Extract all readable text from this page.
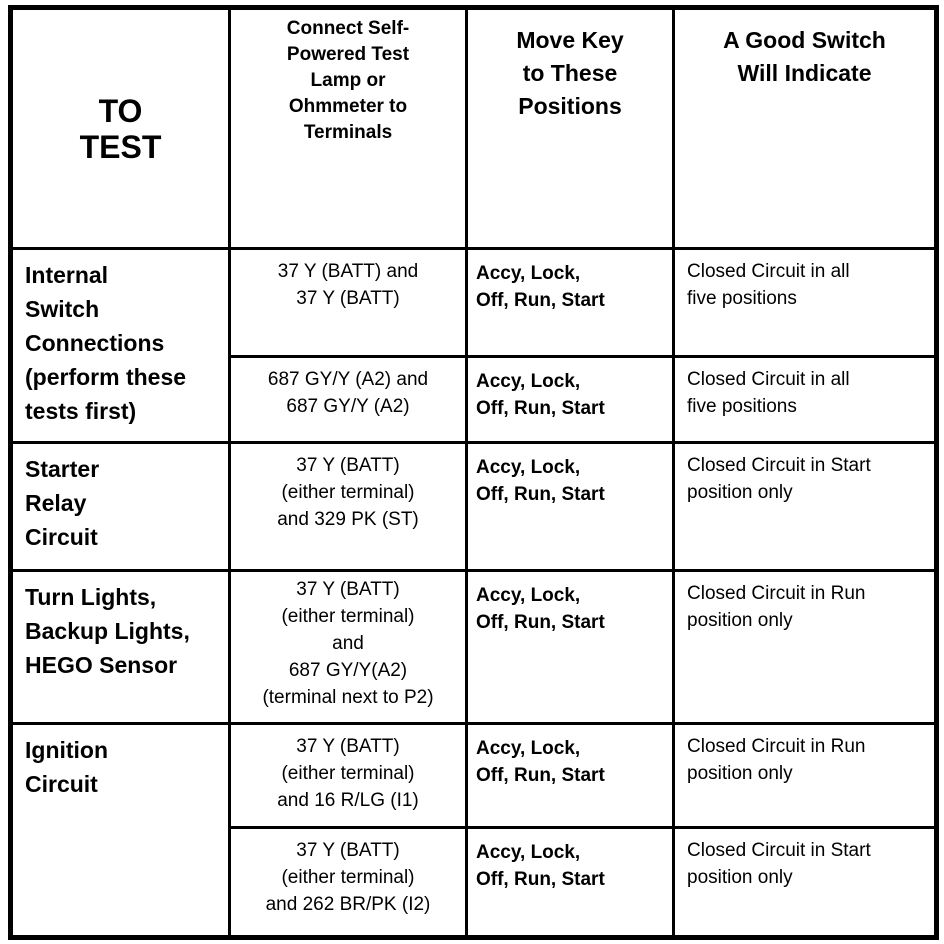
TO
TEST	Connect Self-
Powered Test
Lamp or
Ohmmeter to
Terminals	Move Key
to These
Positions	A Good Switch
Will Indicate

Internal
Switch
Connections
(perform these
tests first)	37 Y (BATT) and
37 Y (BATT)	Accy, Lock,
Off, Run, Start	Closed Circuit in all
five positions

	687 GY/Y (A2) and
687 GY/Y (A2)	Accy, Lock,
Off, Run, Start	Closed Circuit in all
five positions

Starter
Relay
Circuit	37 Y (BATT)
(either terminal)
and 329 PK (ST)	Accy, Lock,
Off, Run, Start	Closed Circuit in Start
position only

Turn Lights,
Backup Lights,
HEGO Sensor	37 Y (BATT)
(either terminal)
and
687 GY/Y(A2)
(terminal next to P2)	Accy, Lock,
Off, Run, Start	Closed Circuit in Run
position only

Ignition
Circuit	37 Y (BATT)
(either terminal)
and 16 R/LG (I1)	Accy, Lock,
Off, Run, Start	Closed Circuit in Run
position only

	37 Y (BATT)
(either terminal)
and 262 BR/PK (I2)	Accy, Lock,
Off, Run, Start	Closed Circuit in Start
position only
